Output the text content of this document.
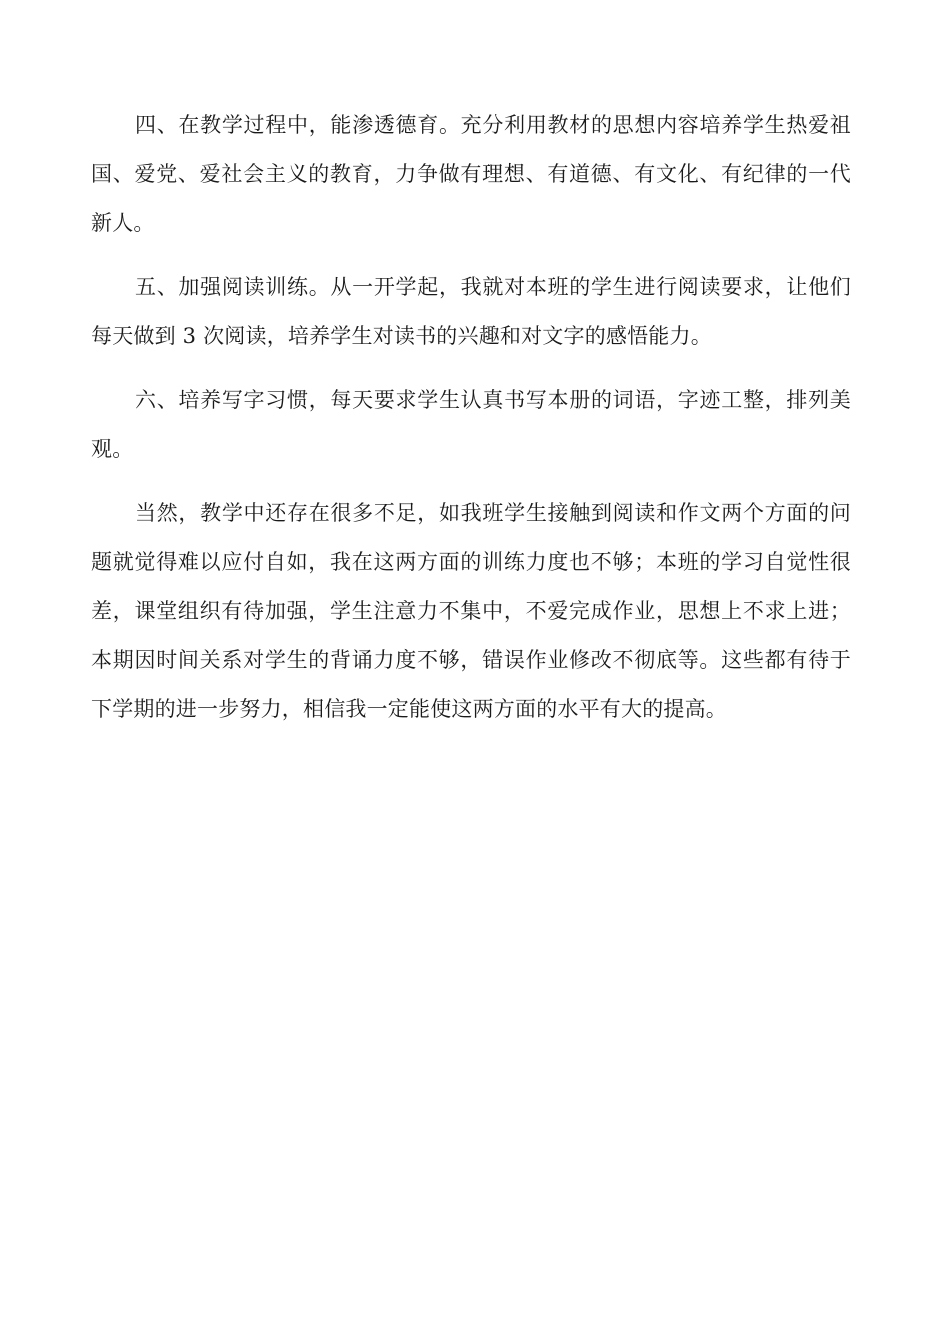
四、在教学过程中，能渗透德育。充分利用教材的思想内容培养学生热爱祖国、爱党、爱社会主义的教育，力争做有理想、有道德、有文化、有纪律的一代新人。

五、加强阅读训练。从一开学起，我就对本班的学生进行阅读要求，让他们每天做到 3 次阅读，培养学生对读书的兴趣和对文字的感悟能力。

六、培养写字习惯，每天要求学生认真书写本册的词语，字迹工整，排列美观。

当然，教学中还存在很多不足，如我班学生接触到阅读和作文两个方面的问题就觉得难以应付自如，我在这两方面的训练力度也不够；本班的学习自觉性很差，课堂组织有待加强，学生注意力不集中，不爱完成作业，思想上不求上进；本期因时间关系对学生的背诵力度不够，错误作业修改不彻底等。这些都有待于下学期的进一步努力，相信我一定能使这两方面的水平有大的提高。
